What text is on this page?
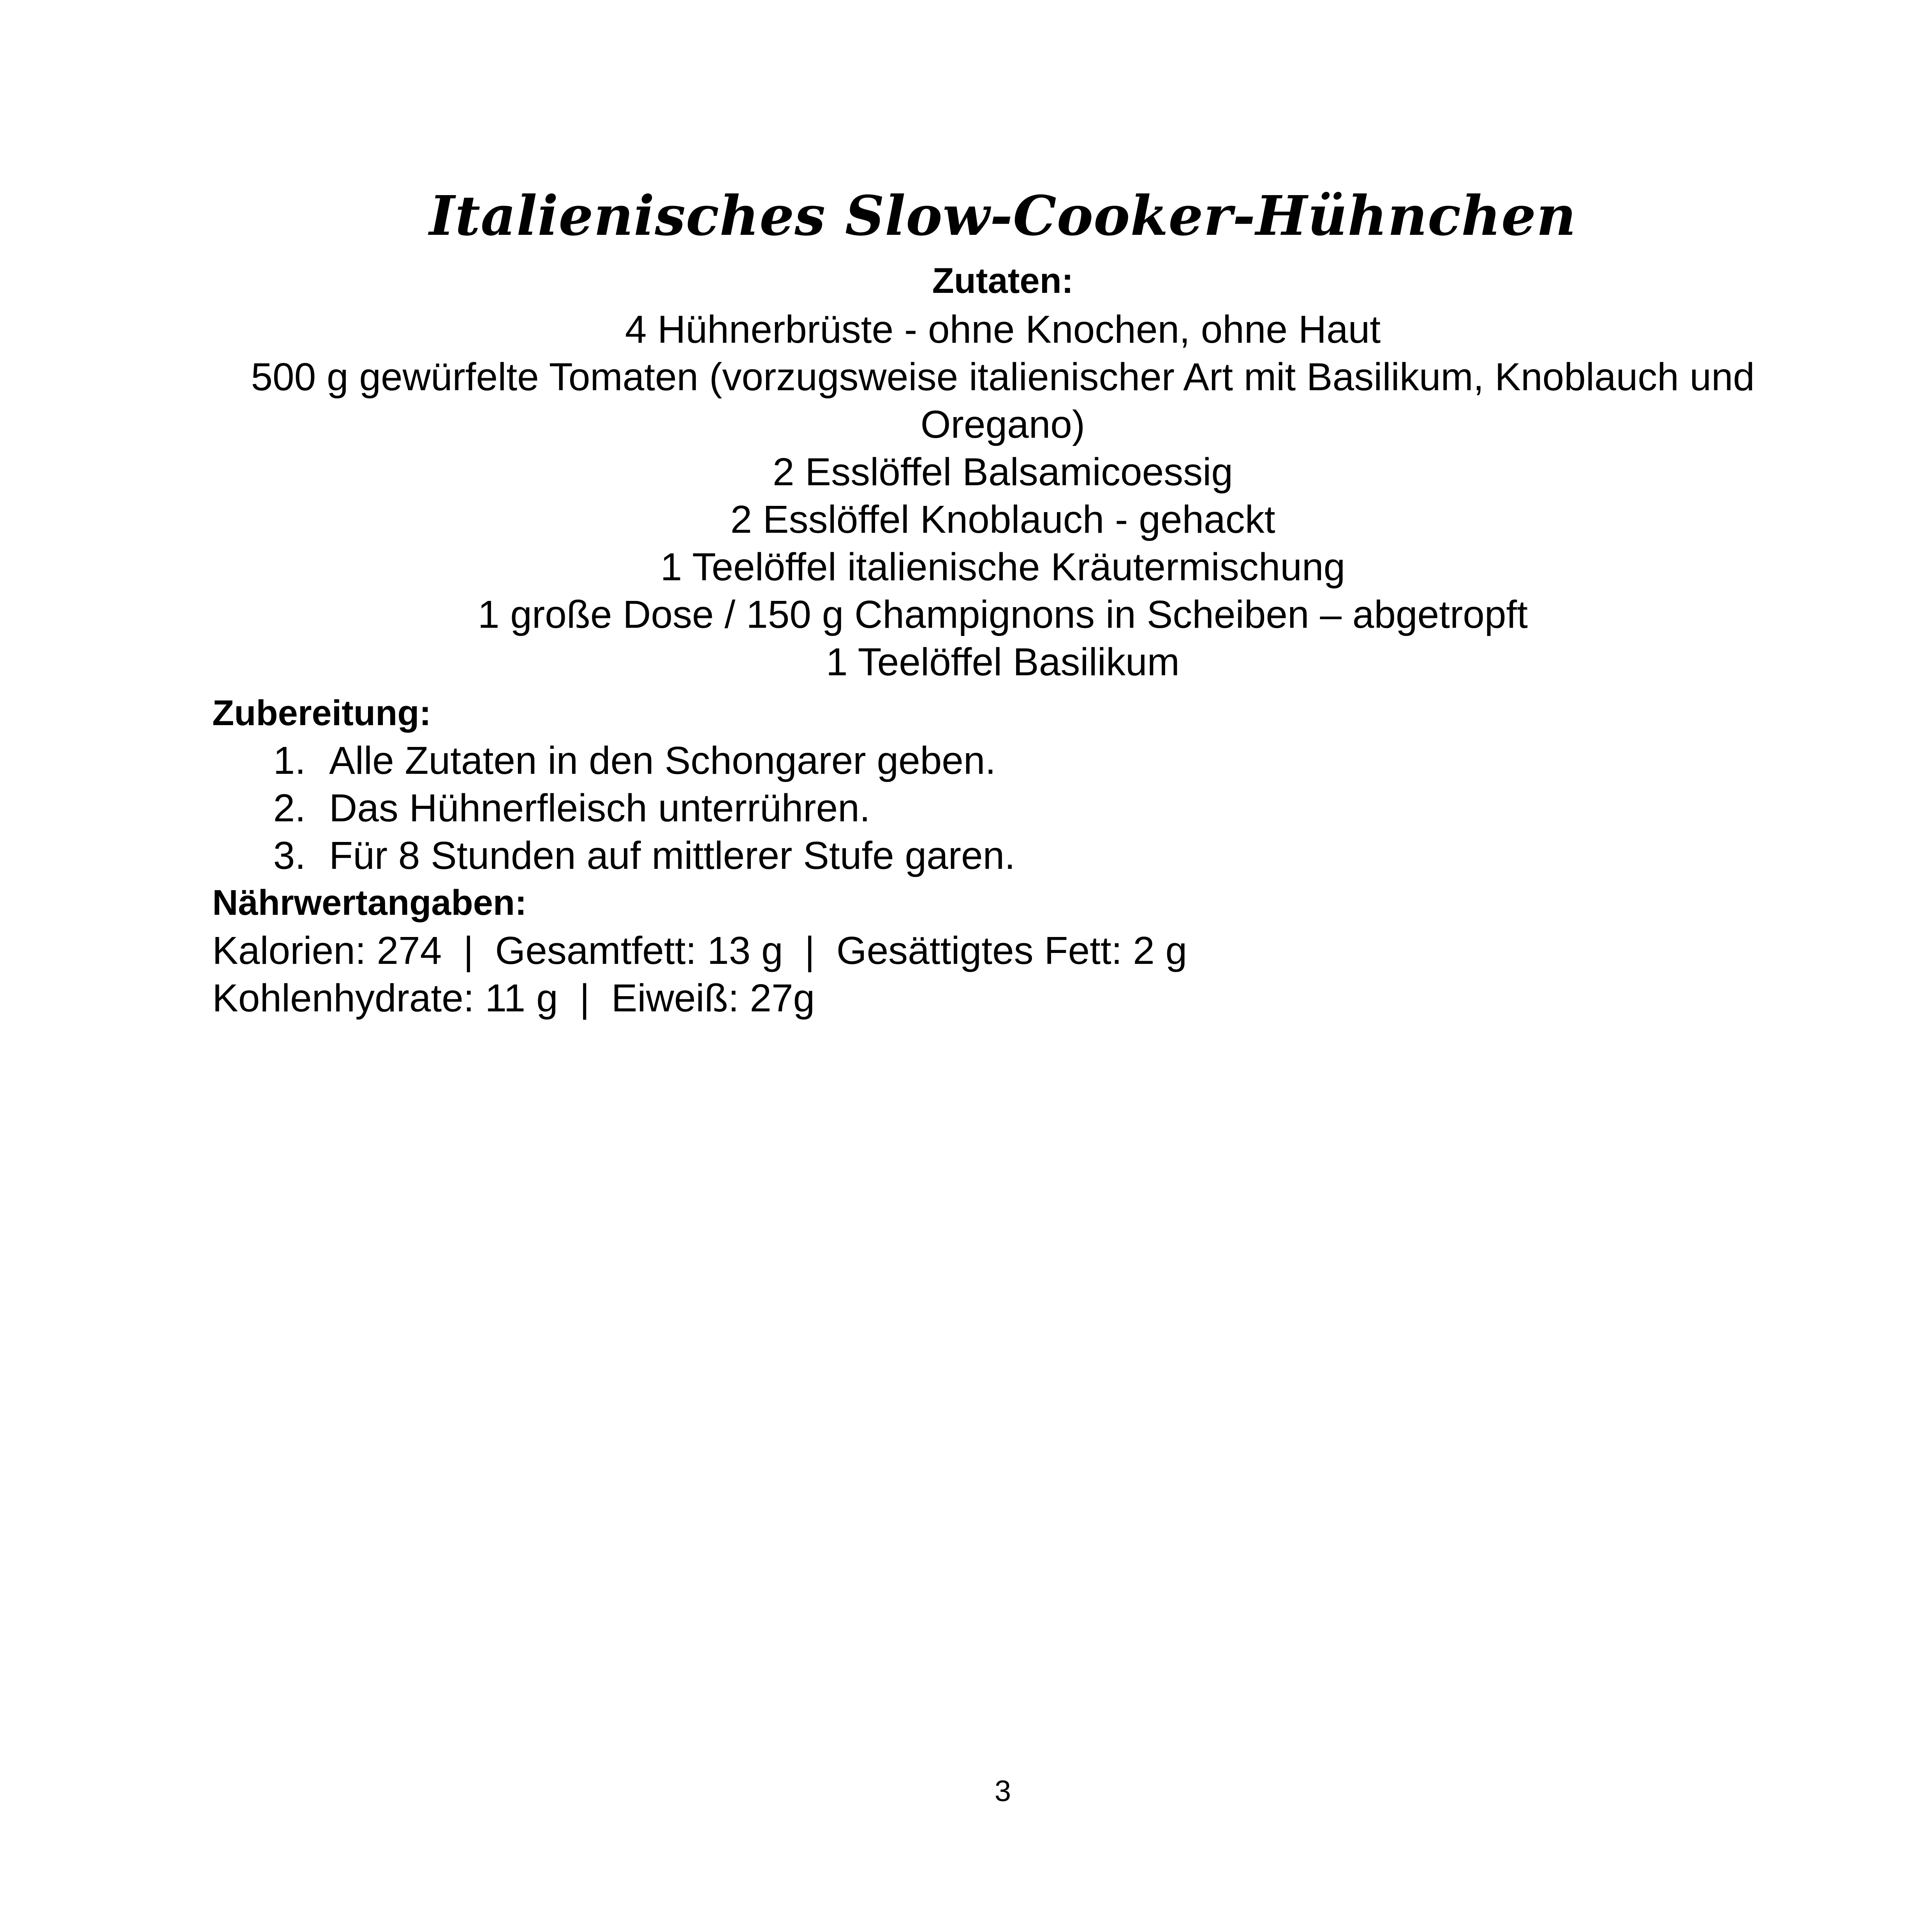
Italienisches Slow-Cooker-Hühnchen
Zutaten:
4 Hühnerbrüste - ohne Knochen, ohne Haut
500 g gewürfelte Tomaten (vorzugsweise italienischer Art mit Basilikum, Knoblauch und Oregano)
2 Esslöffel Balsamicoessig
2 Esslöffel Knoblauch - gehackt
1 Teelöffel italienische Kräutermischung
1 große Dose / 150 g Champignons in Scheiben – abgetropft
1 Teelöffel Basilikum
Zubereitung:
1. Alle Zutaten in den Schongarer geben.
2. Das Hühnerfleisch unterrühren.
3. Für 8 Stunden auf mittlerer Stufe garen.
Nährwertangaben:

Kalorien: 274  |  Gesamtfett: 13 g  |  Gesättigtes Fett: 2 g

Kohlenhydrate: 11 g  |  Eiweiß: 27g

3
